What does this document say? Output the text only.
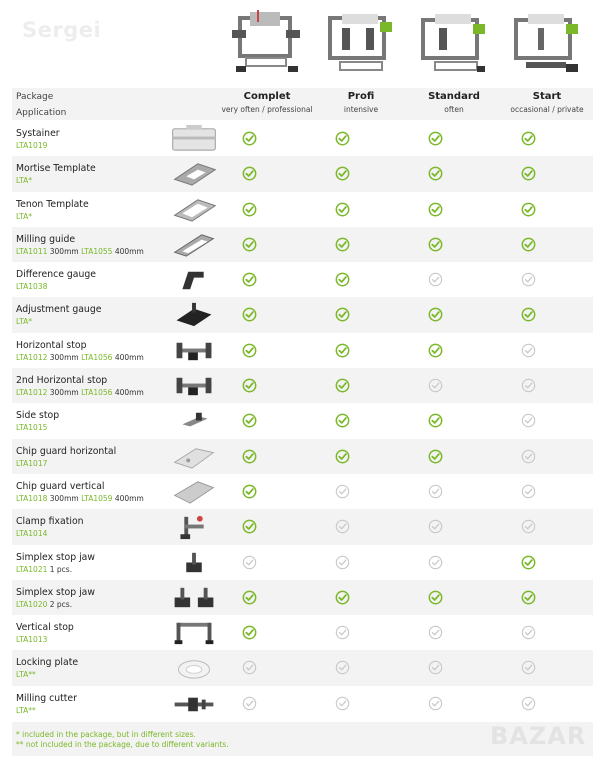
Sergei
Package
Application
Complet
very often / professional
Profi
intensive
Standard
often
Start
occasional / private
Systainer
LTA1019
Mortise Template
LTA*
Tenon Template
LTA*
Milling guide
LTA1011 300mm LTA1055 400mm
Difference gauge
LTA1038
Adjustment gauge
LTA*
Horizontal stop
LTA1012 300mm LTA1056 400mm
2nd Horizontal stop
LTA1012 300mm LTA1056 400mm
Side stop
LTA1015
Chip guard horizontal
LTA1017
Chip guard vertical
LTA1018 300mm LTA1059 400mm
Clamp fixation
LTA1014
Simplex stop jaw
LTA1021 1 pcs.
Simplex stop jaw
LTA1020 2 pcs.
Vertical stop
LTA1013
Locking plate
LTA**
Milling cutter
LTA**
* included in the package, but in different sizes.
** not included in the package, due to different variants.	BAZAR
